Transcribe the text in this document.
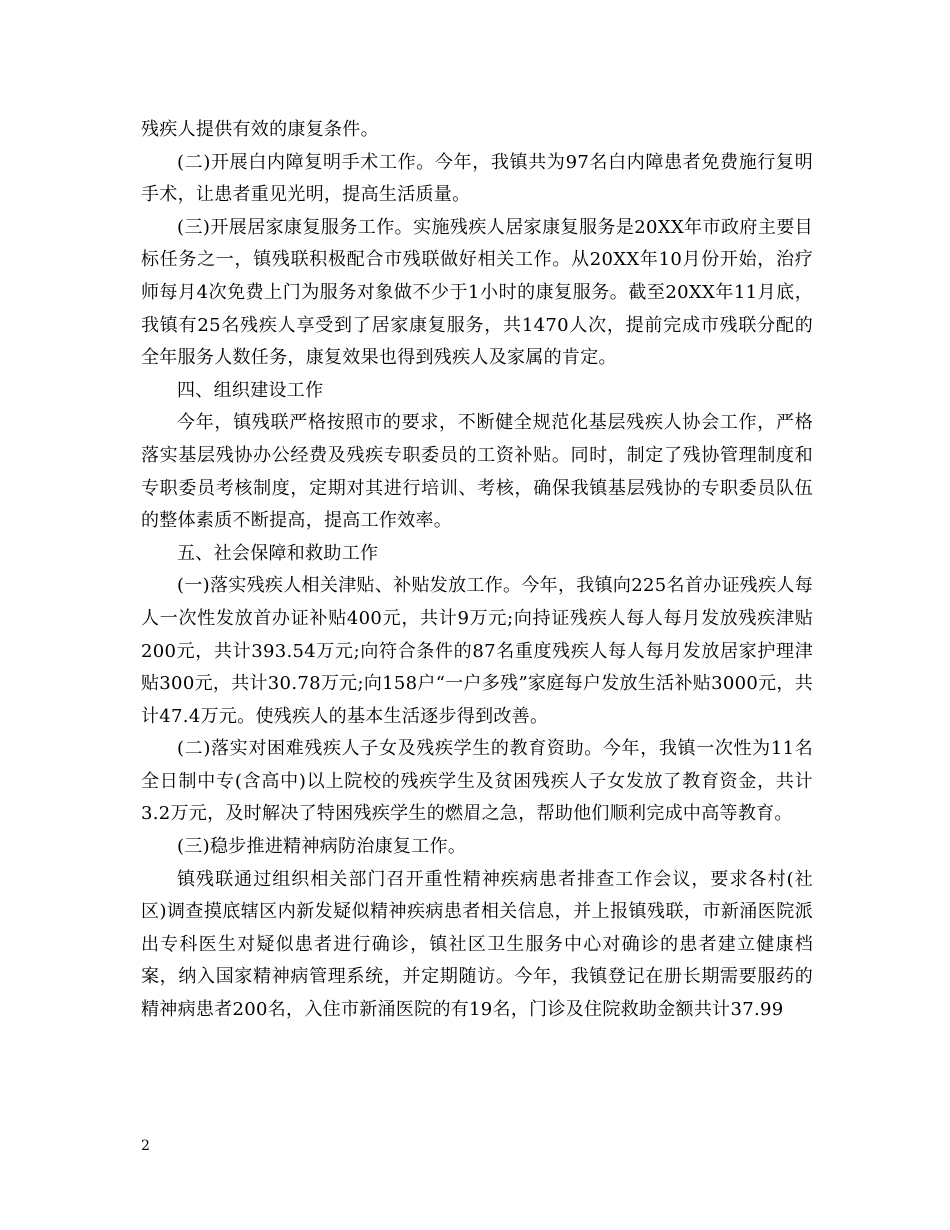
残疾人提供有效的康复条件。

(二)开展白内障复明手术工作。今年，我镇共为97名白内障患者免费施行复明手术，让患者重见光明，提高生活质量。

(三)开展居家康复服务工作。实施残疾人居家康复服务是20XX年市政府主要目标任务之一，镇残联积极配合市残联做好相关工作。从20XX年10月份开始，治疗师每月4次免费上门为服务对象做不少于1小时的康复服务。截至20XX年11月底，我镇有25名残疾人享受到了居家康复服务，共1470人次，提前完成市残联分配的全年服务人数任务，康复效果也得到残疾人及家属的肯定。

四、组织建设工作

今年，镇残联严格按照市的要求，不断健全规范化基层残疾人协会工作，严格落实基层残协办公经费及残疾专职委员的工资补贴。同时，制定了残协管理制度和专职委员考核制度，定期对其进行培训、考核，确保我镇基层残协的专职委员队伍的整体素质不断提高，提高工作效率。

五、社会保障和救助工作

(一)落实残疾人相关津贴、补贴发放工作。今年，我镇向225名首办证残疾人每人一次性发放首办证补贴400元，共计9万元;向持证残疾人每人每月发放残疾津贴200元，共计393.54万元;向符合条件的87名重度残疾人每人每月发放居家护理津贴300元，共计30.78万元;向158户“一户多残”家庭每户发放生活补贴3000元，共计47.4万元。使残疾人的基本生活逐步得到改善。

(二)落实对困难残疾人子女及残疾学生的教育资助。今年，我镇一次性为11名全日制中专(含高中)以上院校的残疾学生及贫困残疾人子女发放了教育资金，共计3.2万元，及时解决了特困残疾学生的燃眉之急，帮助他们顺利完成中高等教育。

(三)稳步推进精神病防治康复工作。

镇残联通过组织相关部门召开重性精神疾病患者排查工作会议，要求各村(社区)调查摸底辖区内新发疑似精神疾病患者相关信息，并上报镇残联，市新涌医院派出专科医生对疑似患者进行确诊，镇社区卫生服务中心对确诊的患者建立健康档案，纳入国家精神病管理系统，并定期随访。今年，我镇登记在册长期需要服药的精神病患者200名，入住市新涌医院的有19名，门诊及住院救助金额共计37.99

2
